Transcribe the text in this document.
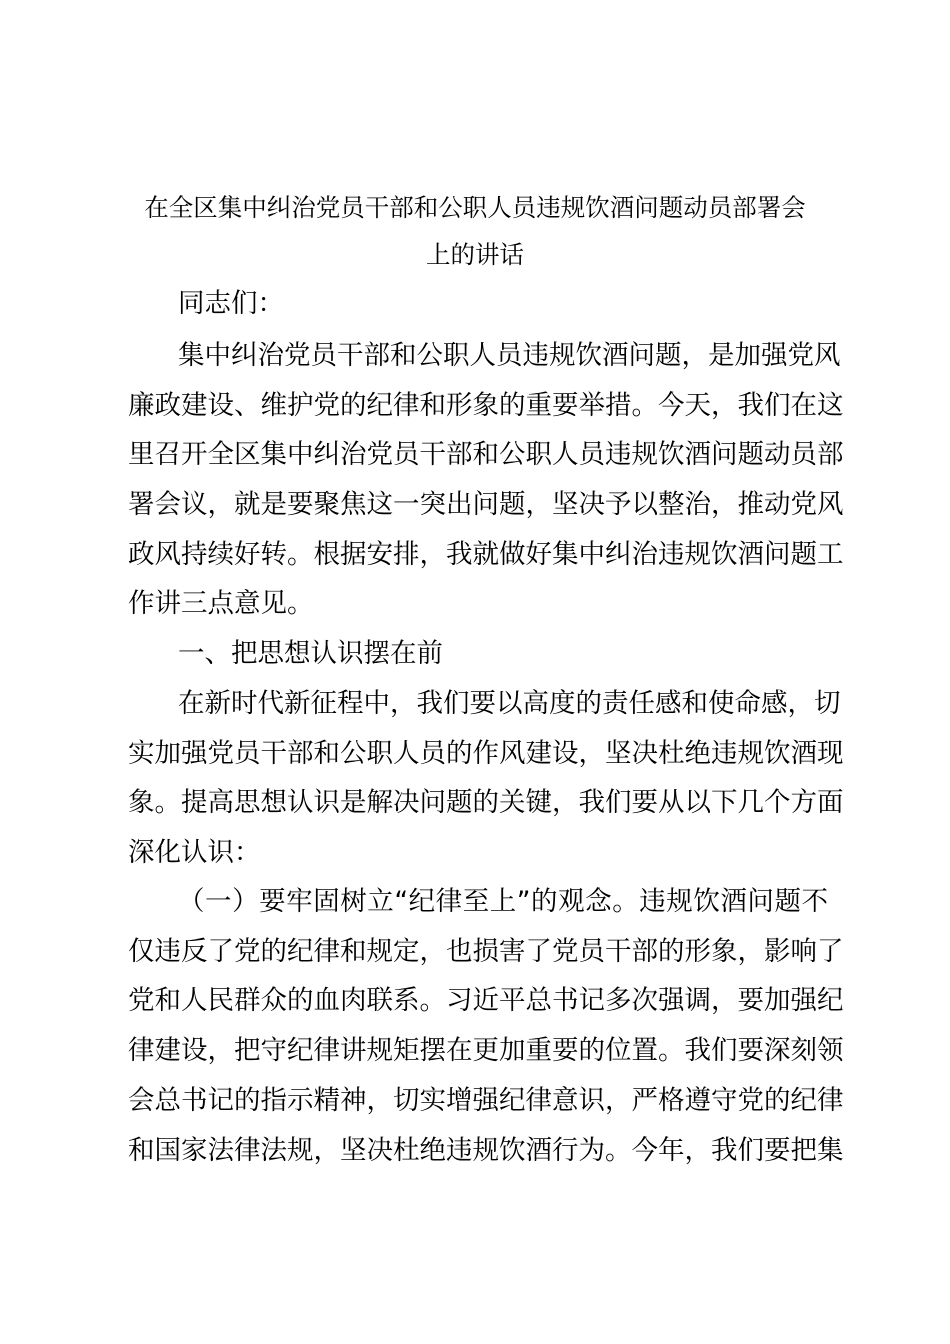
在全区集中纠治党员干部和公职人员违规饮酒问题动员部署会
上的讲话
同志们：
集中纠治党员干部和公职人员违规饮酒问题，是加强党风
廉政建设、维护党的纪律和形象的重要举措。今天，我们在这
里召开全区集中纠治党员干部和公职人员违规饮酒问题动员部
署会议，就是要聚焦这一突出问题，坚决予以整治，推动党风
政风持续好转。根据安排，我就做好集中纠治违规饮酒问题工
作讲三点意见。
一、把思想认识摆在前
在新时代新征程中，我们要以高度的责任感和使命感，切
实加强党员干部和公职人员的作风建设，坚决杜绝违规饮酒现
象。提高思想认识是解决问题的关键，我们要从以下几个方面
深化认识：
（一）要牢固树立“纪律至上”的观念。违规饮酒问题不
仅违反了党的纪律和规定，也损害了党员干部的形象，影响了
党和人民群众的血肉联系。习近平总书记多次强调，要加强纪
律建设，把守纪律讲规矩摆在更加重要的位置。我们要深刻领
会总书记的指示精神，切实增强纪律意识，严格遵守党的纪律
和国家法律法规，坚决杜绝违规饮酒行为。今年，我们要把集
